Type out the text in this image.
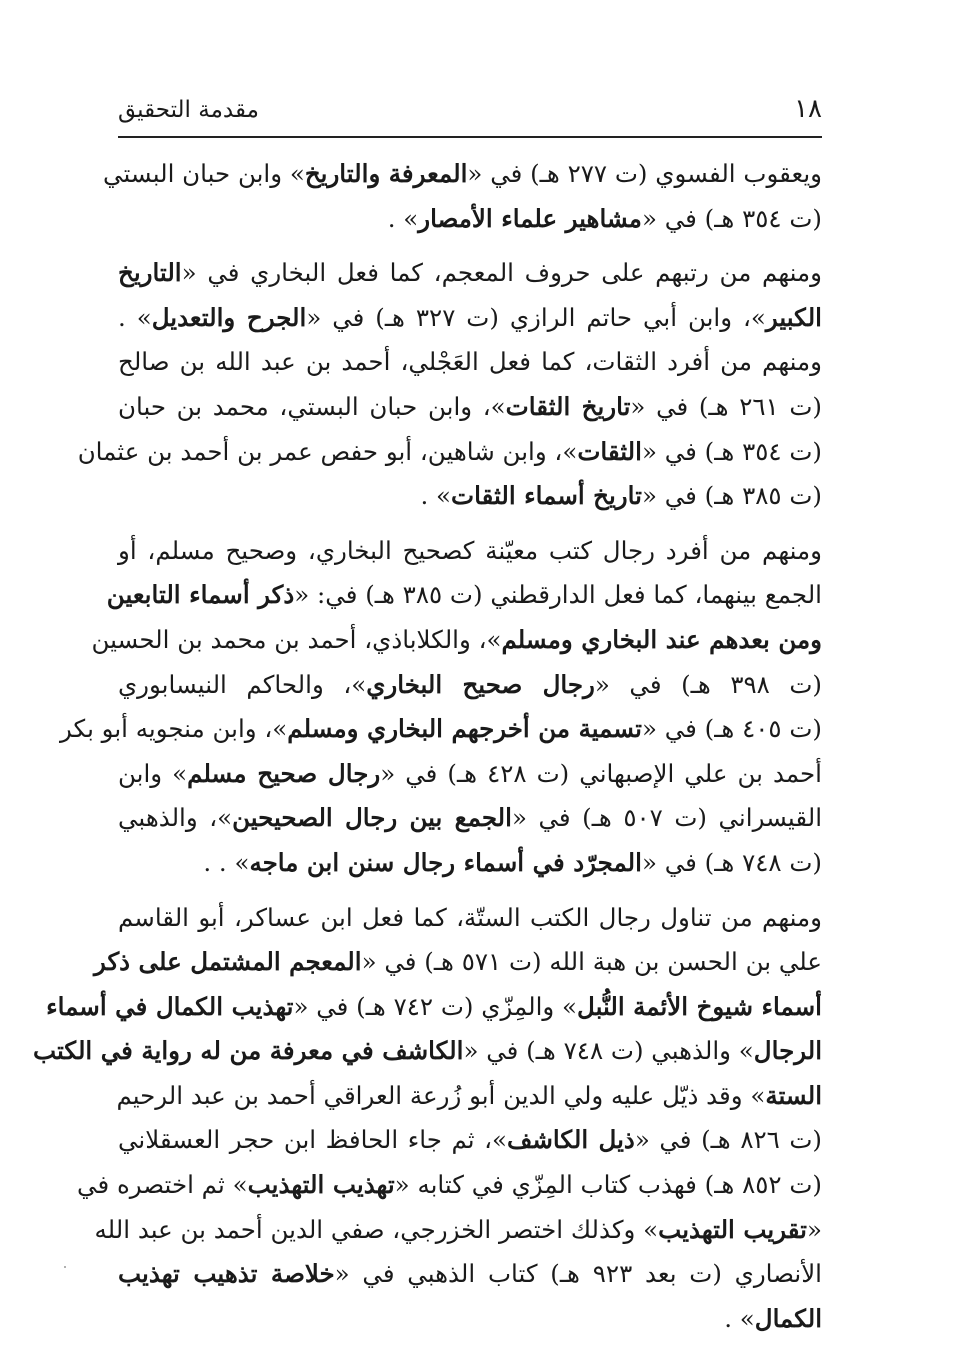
١٨
مقدمة التحقيق
ويعقوب الفسوي (ت ٢٧٧ هـ) في «المعرفة والتاريخ» وابن حبان البستي
(ت ٣٥٤ هـ) في «مشاهير علماء الأمصار» .
ومنهم من رتبهم على حروف المعجم، كما فعل البخاري في «التاريخ
الكبير»، وابن أبي حاتم الرازي (ت ٣٢٧ هـ) في «الجرح والتعديل» .
ومنهم من أفرد الثقات، كما فعل العَجْلي، أحمد بن عبد الله بن صالح
(ت ٢٦١ هـ) في «تاريخ الثقات»، وابن حبان البستي، محمد بن حبان
(ت ٣٥٤ هـ) في «الثقات»، وابن شاهين، أبو حفص عمر بن أحمد بن عثمان
(ت ٣٨٥ هـ) في «تاريخ أسماء الثقات» .
ومنهم من أفرد رجال كتب معيّنة كصحيح البخاري، وصحيح مسلم، أو
الجمع بينهما، كما فعل الدارقطني (ت ٣٨٥ هـ) في: «ذكر أسماء التابعين
ومن بعدهم عند البخاري ومسلم»، والكلاباذي، أحمد بن محمد بن الحسين
(ت ٣٩٨ هـ) في «رجال صحيح البخاري»، والحاكم النيسابوري
(ت ٤٠٥ هـ) في «تسمية من أخرجهم البخاري ومسلم»، وابن منجويه أبو بكر
أحمد بن علي الإصبهاني (ت ٤٢٨ هـ) في «رجال صحيح مسلم» وابن
القيسراني (ت ٥٠٧ هـ) في «الجمع بين رجال الصحيحين»، والذهبي
(ت ٧٤٨ هـ) في «المجرّد في أسماء رجال سنن ابن ماجه» . .
ومنهم من تناول رجال الكتب الستّة، كما فعل ابن عساكر، أبو القاسم
علي بن الحسن بن هبة الله (ت ٥٧١ هـ) في «المعجم المشتمل على ذكر
أسماء شيوخ الأئمة النُّبل» والمِزّي (ت ٧٤٢ هـ) في «تهذيب الكمال في أسماء
الرجال» والذهبي (ت ٧٤٨ هـ) في «الكاشف في معرفة من له رواية في الكتب
الستة» وقد ذيّل عليه ولي الدين أبو زُرعة العراقي أحمد بن عبد الرحيم
(ت ٨٢٦ هـ) في «ذيل الكاشف»، ثم جاء الحافظ ابن حجر العسقلاني
(ت ٨٥٢ هـ) فهذب كتاب المِزّي في كتابه «تهذيب التهذيب» ثم اختصره في
«تقريب التهذيب» وكذلك اختصر الخزرجي، صفي الدين أحمد بن عبد الله
الأنصاري (ت بعد ٩٢٣ هـ) كتاب الذهبي في «خلاصة تذهيب تهذيب
الكمال» .
